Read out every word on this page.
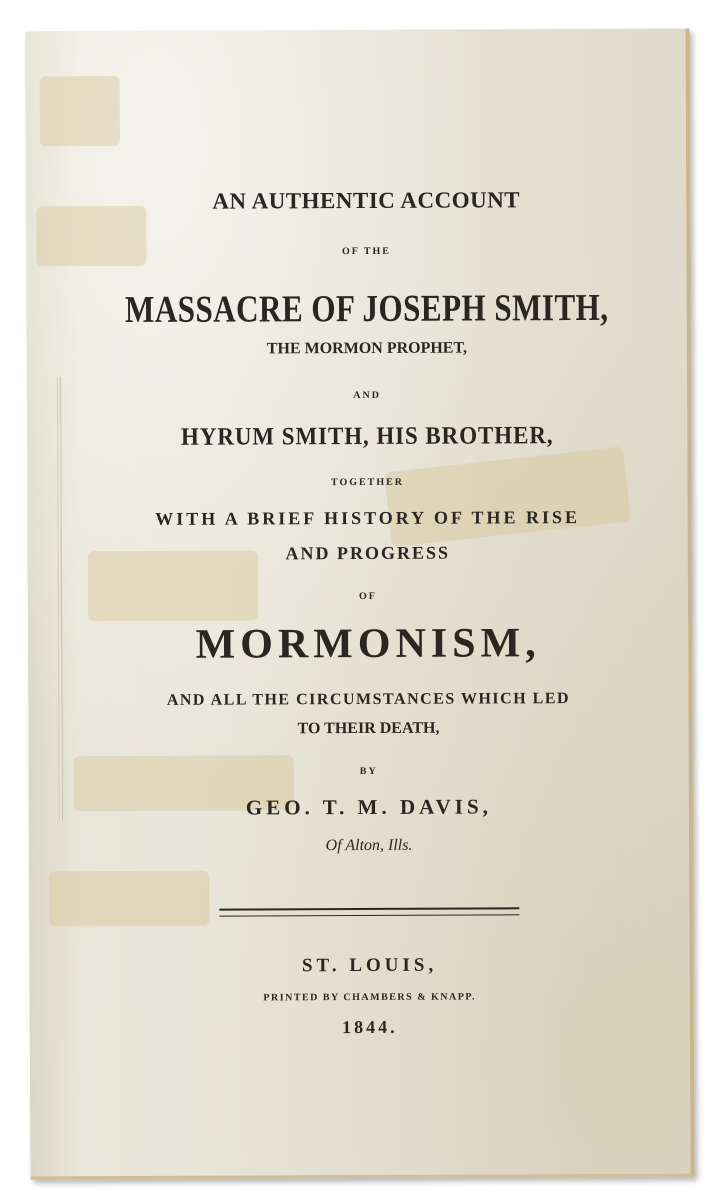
AN AUTHENTIC ACCOUNT
OF THE
MASSACRE OF JOSEPH SMITH,
THE MORMON PROPHET,
AND
HYRUM SMITH, HIS BROTHER,
TOGETHER
WITH A BRIEF HISTORY OF THE RISE
AND PROGRESS
OF
MORMONISM,
AND ALL THE CIRCUMSTANCES WHICH LED
TO THEIR DEATH,
BY
GEO. T. M. DAVIS,
Of Alton, Ills.
ST. LOUIS,
PRINTED BY CHAMBERS & KNAPP.
1844.
